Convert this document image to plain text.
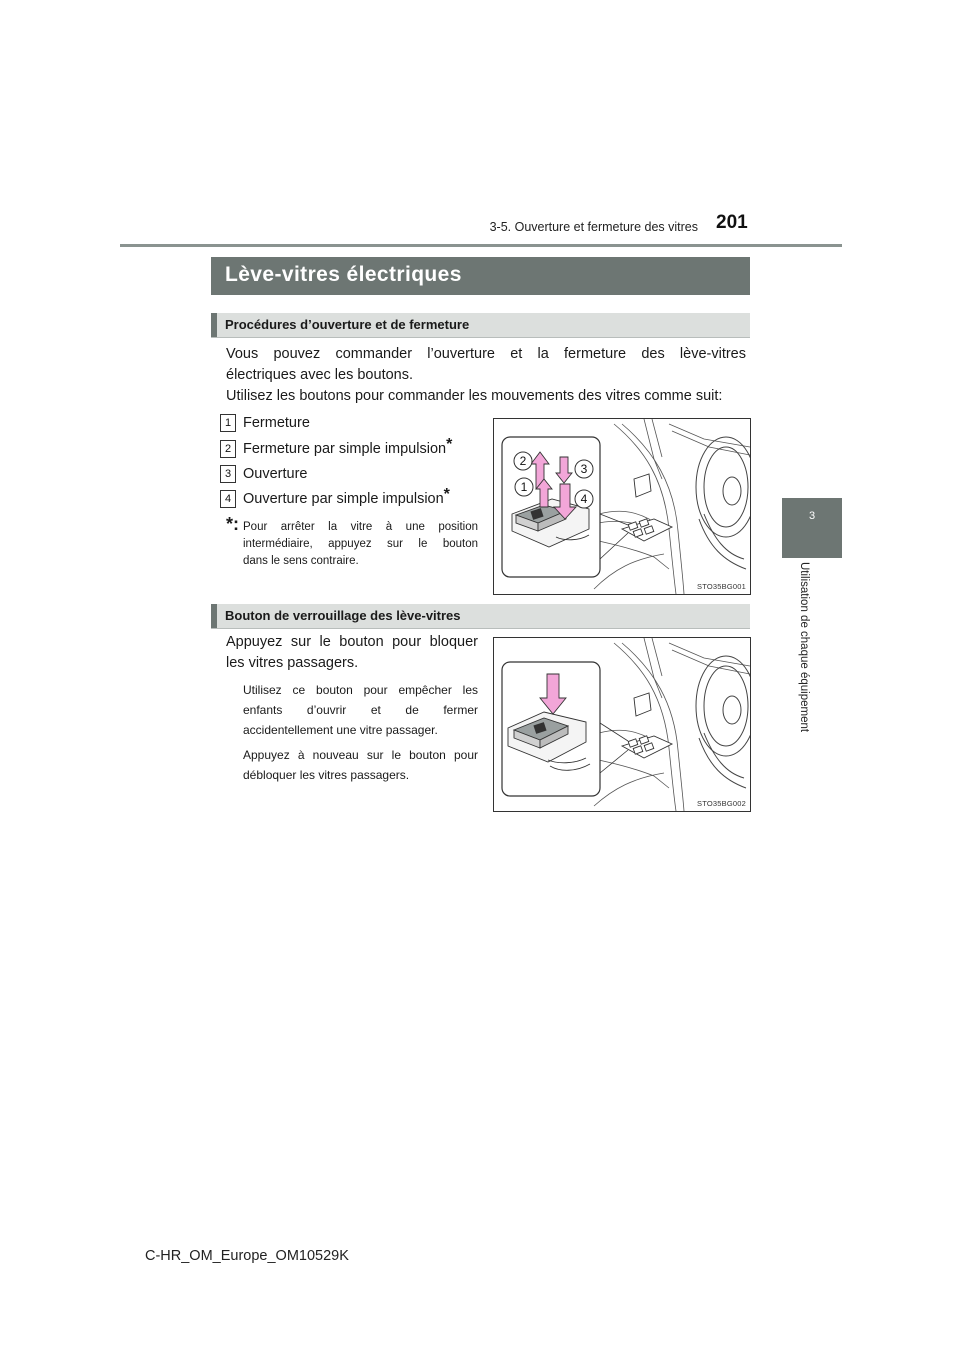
3-5. Ouverture et fermeture des vitres 201
3
Utilisation de chaque équipement
Lève-vitres électriques
Procédures d’ouverture et de fermeture
Vous pouvez commander l’ouverture et la fermeture des lève-vitres
électriques avec les boutons.
Utilisez les boutons pour commander les mouvements des vitres comme suit:
1 Fermeture
2 Fermeture par simple impulsion*
3 Ouverture
4 Ouverture par simple impulsion*
*: Pour arrêter la vitre à une position
intermédiaire, appuyez sur le bouton
dans le sens contraire.
2
3
1
4
STO35BG001
Bouton de verrouillage des lève-vitres
Appuyez sur le bouton pour bloquer
les vitres passagers.
Utilisez ce bouton pour empêcher les
enfants d’ouvrir et de fermer
accidentellement une vitre passager.
Appuyez à nouveau sur le bouton pour
débloquer les vitres passagers.
STO35BG002
C-HR_OM_Europe_OM10529K
